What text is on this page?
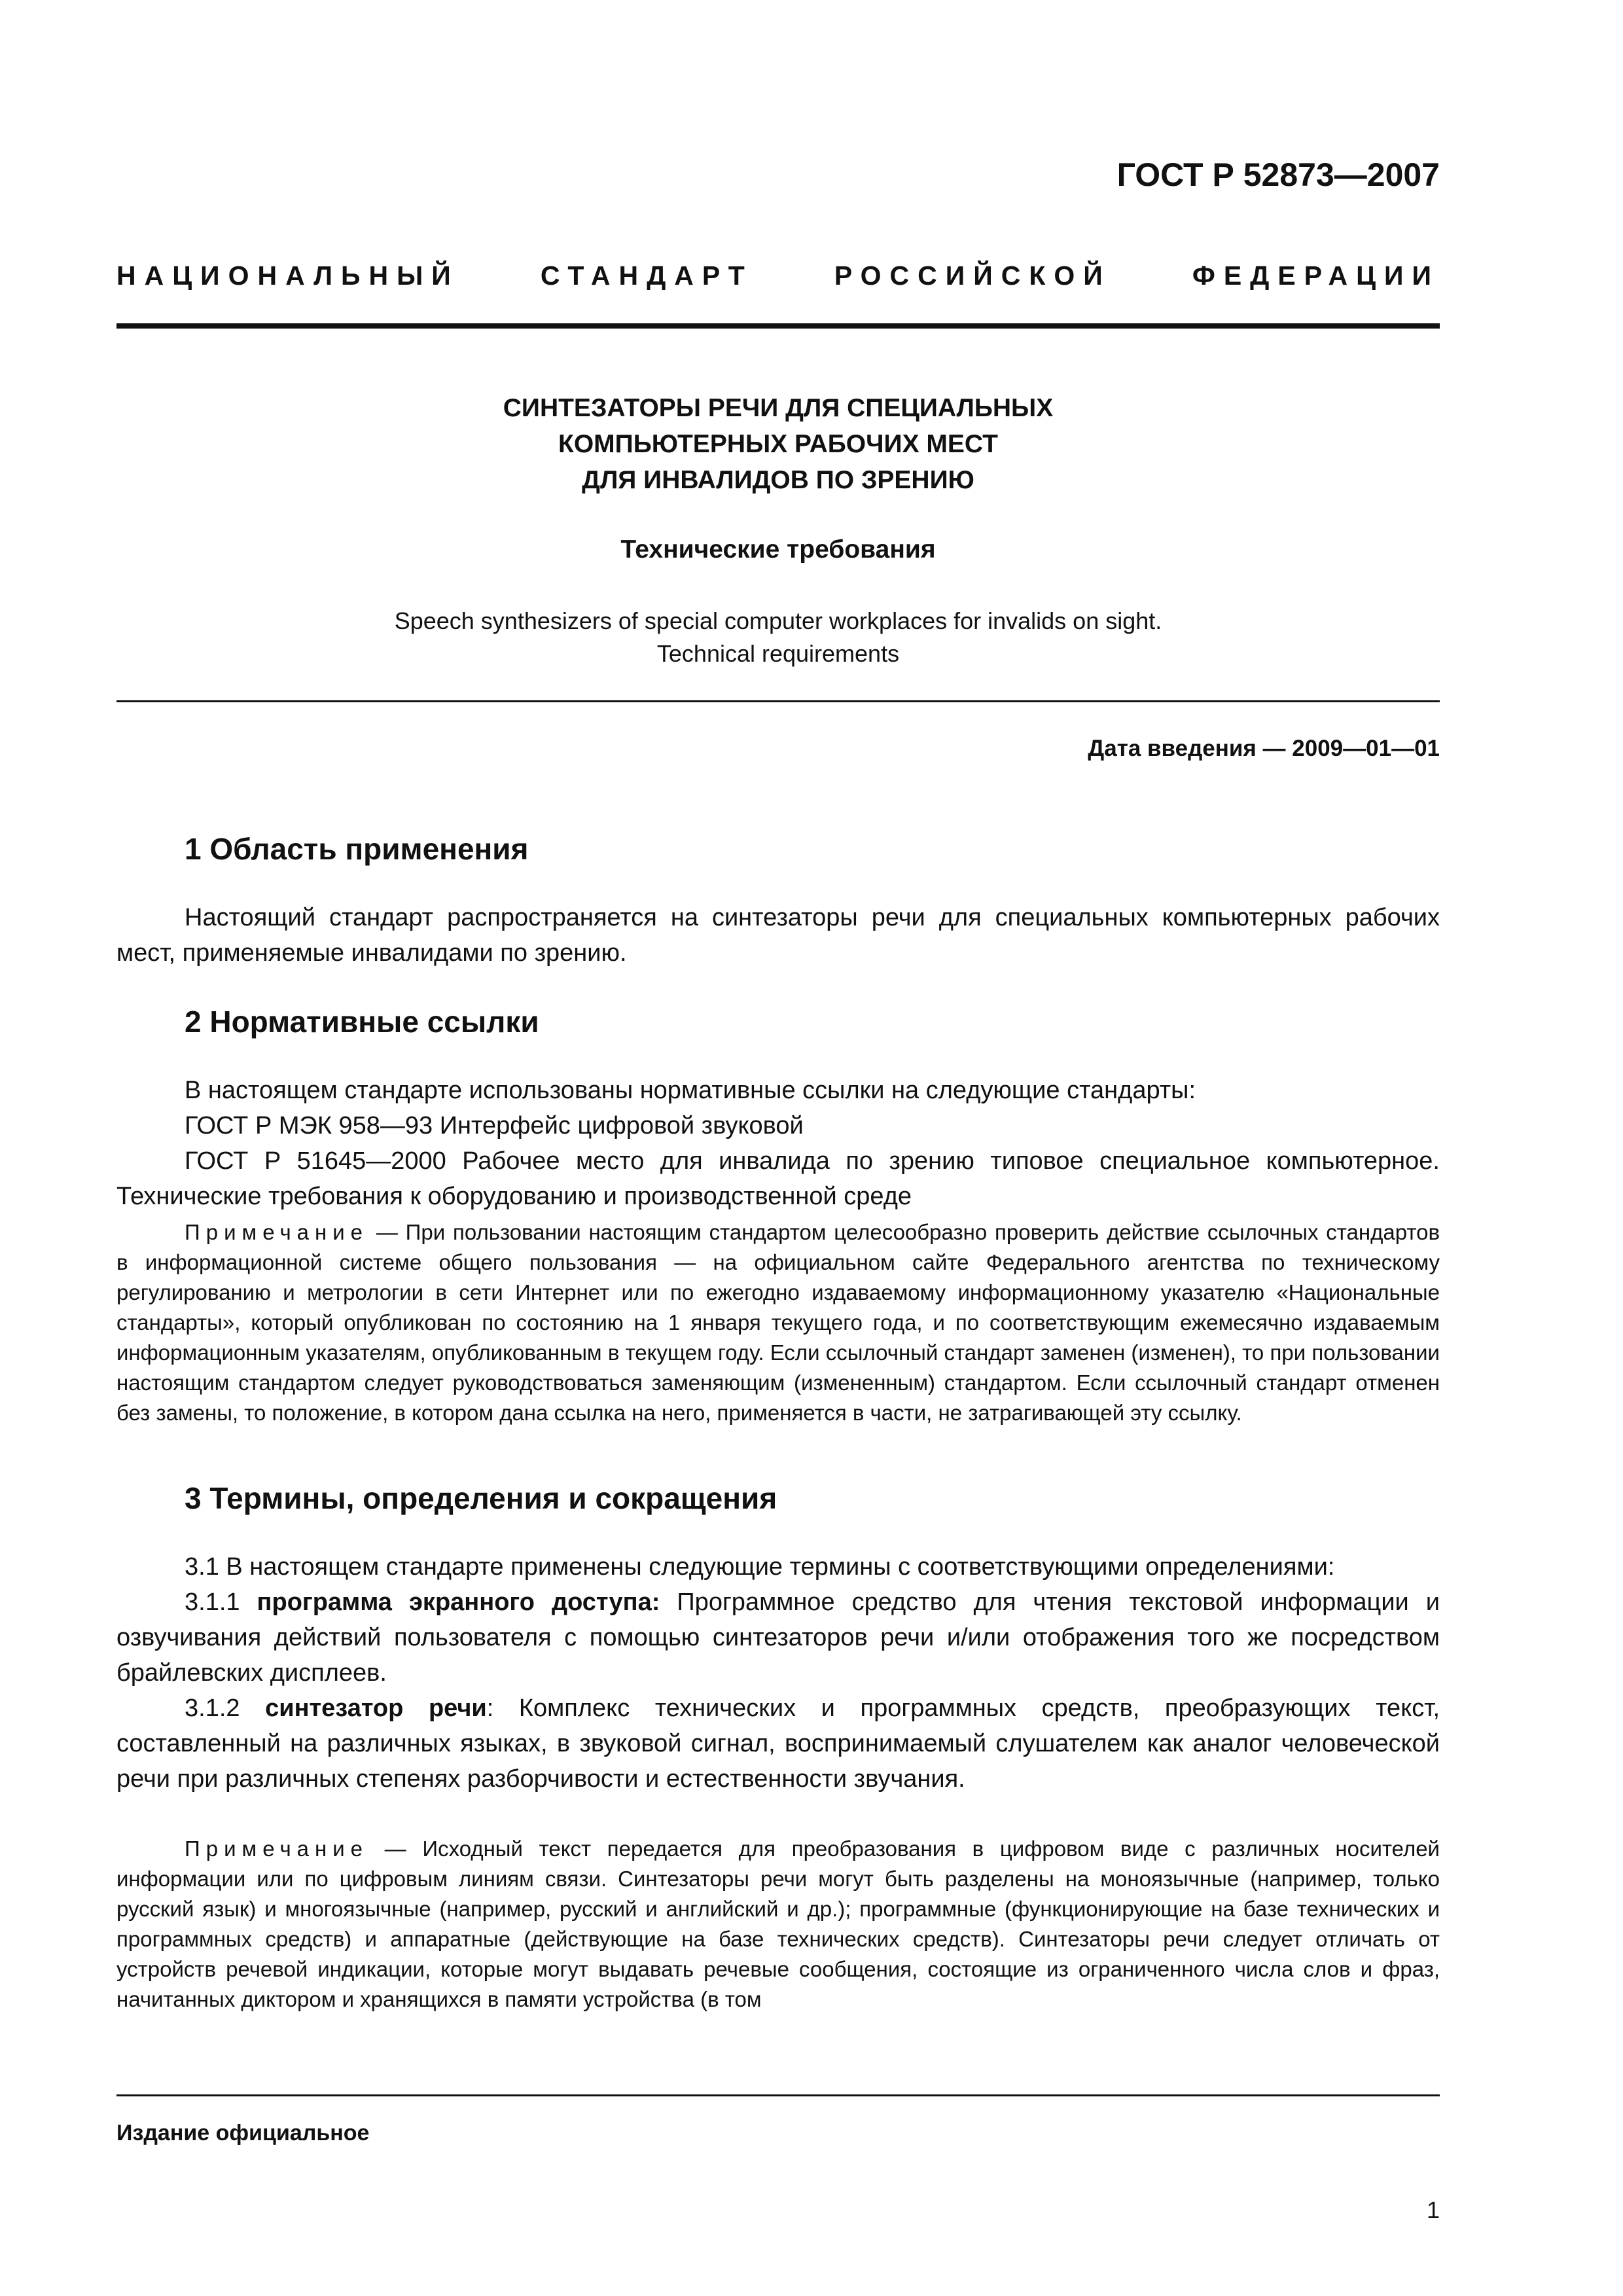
ГОСТ Р 52873—2007
НАЦИОНАЛЬНЫЙ	СТАНДАРТ	РОССИЙСКОЙ	ФЕДЕРАЦИИ
СИНТЕЗАТОРЫ РЕЧИ ДЛЯ СПЕЦИАЛЬНЫХ
КОМПЬЮТЕРНЫХ РАБОЧИХ МЕСТ
ДЛЯ ИНВАЛИДОВ ПО ЗРЕНИЮ
Технические требования
Speech synthesizers of special computer workplaces for invalids on sight.
Technical requirements
Дата введения — 2009—01—01
1 Область применения
Настоящий стандарт распространяется на синтезаторы речи для специальных компьютерных рабочих мест, применяемые инвалидами по зрению.
2 Нормативные ссылки
В настоящем стандарте использованы нормативные ссылки на следующие стандарты:
ГОСТ Р МЭК 958—93 Интерфейс цифровой звуковой
ГОСТ Р 51645—2000 Рабочее место для инвалида по зрению типовое специальное компьютерное. Технические требования к оборудованию и производственной среде
Примечание — При пользовании настоящим стандартом целесообразно проверить действие ссылочных стандартов в информационной системе общего пользования — на официальном сайте Федерального агентства по техническому регулированию и метрологии в сети Интернет или по ежегодно издаваемому информационному указателю «Национальные стандарты», который опубликован по состоянию на 1 января текущего года, и по соответствующим ежемесячно издаваемым информационным указателям, опубликованным в текущем году. Если ссылочный стандарт заменен (изменен), то при пользовании настоящим стандартом следует руководствоваться заменяющим (измененным) стандартом. Если ссылочный стандарт отменен без замены, то положение, в котором дана ссылка на него, применяется в части, не затрагивающей эту ссылку.
3 Термины, определения и сокращения
3.1 В настоящем стандарте применены следующие термины с соответствующими определениями:
3.1.1 программа экранного доступа: Программное средство для чтения текстовой информации и озвучивания действий пользователя с помощью синтезаторов речи и/или отображения того же посредством брайлевских дисплеев.
3.1.2 синтезатор речи: Комплекс технических и программных средств, преобразующих текст, составленный на различных языках, в звуковой сигнал, воспринимаемый слушателем как аналог человеческой речи при различных степенях разборчивости и естественности звучания.
Примечание — Исходный текст передается для преобразования в цифровом виде с различных носителей информации или по цифровым линиям связи. Синтезаторы речи могут быть разделены на моноязычные (например, только русский язык) и многоязычные (например, русский и английский и др.); программные (функционирующие на базе технических и программных средств) и аппаратные (действующие на базе технических средств). Синтезаторы речи следует отличать от устройств речевой индикации, которые могут выдавать речевые сообщения, состоящие из ограниченного числа слов и фраз, начитанных диктором и хранящихся в памяти устройства (в том
Издание официальное
1
